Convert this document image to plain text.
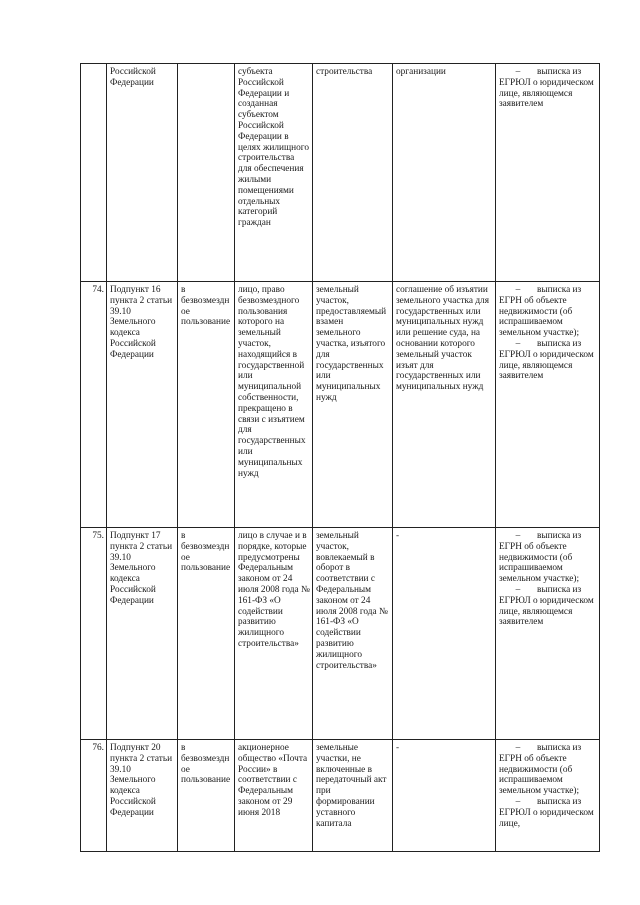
	Российской Федерации		субъекта Российской Федерации и созданная субъектом Российской Федерации в целях жилищного строительства для обеспечения жилыми помещениями отдельных категорий граждан	строительства	организации	– выписка из ЕГРЮЛ о юридическом лице, являющемся заявителем

74.	Подпункт 16 пункта 2 статьи 39.10 Земельного кодекса Российской Федерации	в безвозмездное пользование	лицо, право безвозмездного пользования которого на земельный участок, находящийся в государственной или муниципальной собственности, прекращено в связи с изъятием для государственных или муниципальных нужд	земельный участок, предоставляемый взамен земельного участка, изъятого для государственных или муниципальных нужд	соглашение об изъятии земельного участка для государственных или муниципальных нужд или решение суда, на основании которого земельный участок изъят для государственных или муниципальных нужд	– выписка из ЕГРН об объекте недвижимости (об испрашиваемом земельном участке);
– выписка из ЕГРЮЛ о юридическом лице, являющемся заявителем

75.	Подпункт 17 пункта 2 статьи 39.10 Земельного кодекса Российской Федерации	в безвозмездное пользование	лицо в случае и в порядке, которые предусмотрены Федеральным законом от 24 июля 2008 года № 161-ФЗ «О содействии развитию жилищного строительства»	земельный участок, вовлекаемый в оборот в соответствии с Федеральным законом от 24 июля 2008 года № 161-ФЗ «О содействии развитию жилищного строительства»	-	– выписка из ЕГРН об объекте недвижимости (об испрашиваемом земельном участке);
– выписка из ЕГРЮЛ о юридическом лице, являющемся заявителем

76.	Подпункт 20 пункта 2 статьи 39.10 Земельного кодекса Российской Федерации	в безвозмездное пользование	акционерное общество «Почта России» в соответствии с Федеральным законом от 29 июня 2018	земельные участки, не включенные в передаточный акт при формировании уставного капитала	-	– выписка из ЕГРН об объекте недвижимости (об испрашиваемом земельном участке);
– выписка из ЕГРЮЛ о юридическом лице,
